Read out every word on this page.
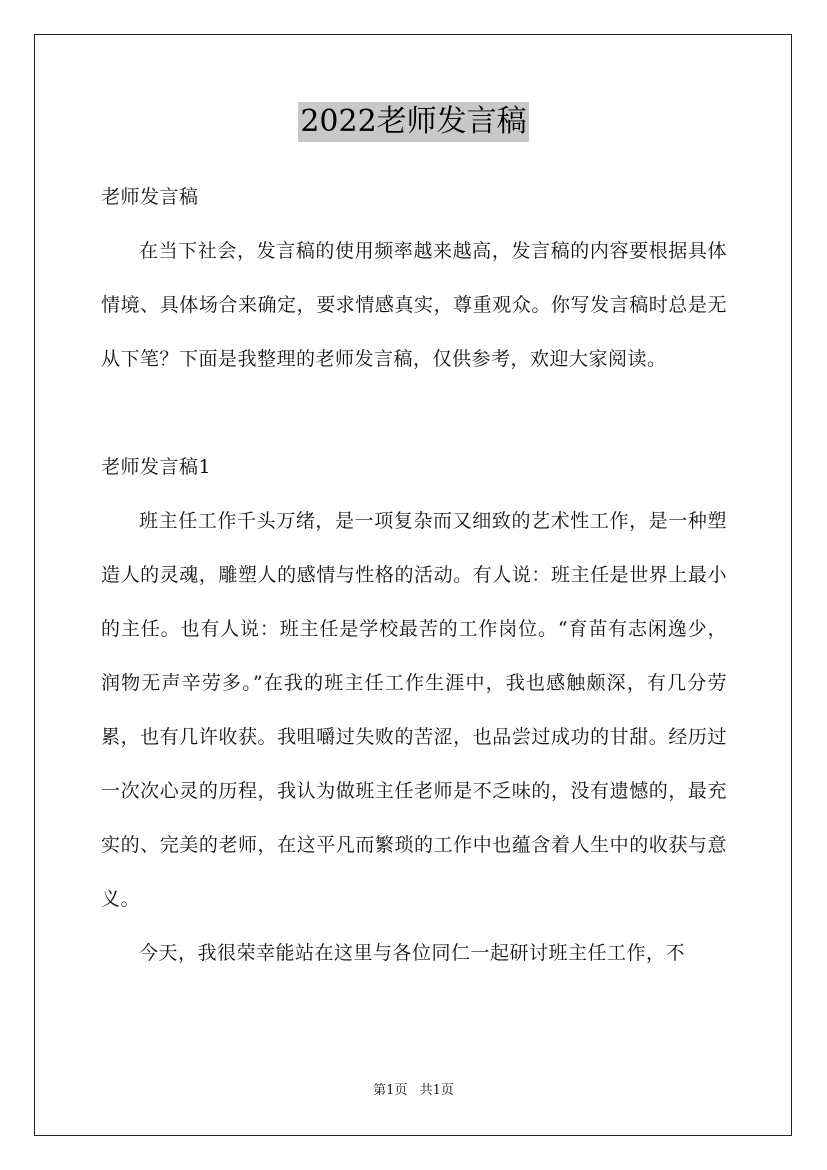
2022老师发言稿

老师发言稿

在当下社会，发言稿的使用频率越来越高，发言稿的内容要根据具体情境、具体场合来确定，要求情感真实，尊重观众。你写发言稿时总是无从下笔？下面是我整理的老师发言稿，仅供参考，欢迎大家阅读。

老师发言稿1

班主任工作千头万绪，是一项复杂而又细致的艺术性工作，是一种塑造人的灵魂，雕塑人的感情与性格的活动。有人说：班主任是世界上最小的主任。也有人说：班主任是学校最苦的工作岗位。“育苗有志闲逸少，润物无声辛劳多。”在我的班主任工作生涯中，我也感触颇深，有几分劳累，也有几许收获。我咀嚼过失败的苦涩，也品尝过成功的甘甜。经历过一次次心灵的历程，我认为做班主任老师是不乏味的，没有遗憾的，最充实的、完美的老师，在这平凡而繁琐的工作中也蕴含着人生中的收获与意义。

今天，我很荣幸能站在这里与各位同仁一起研讨班主任工作，不

第1页 共1页
